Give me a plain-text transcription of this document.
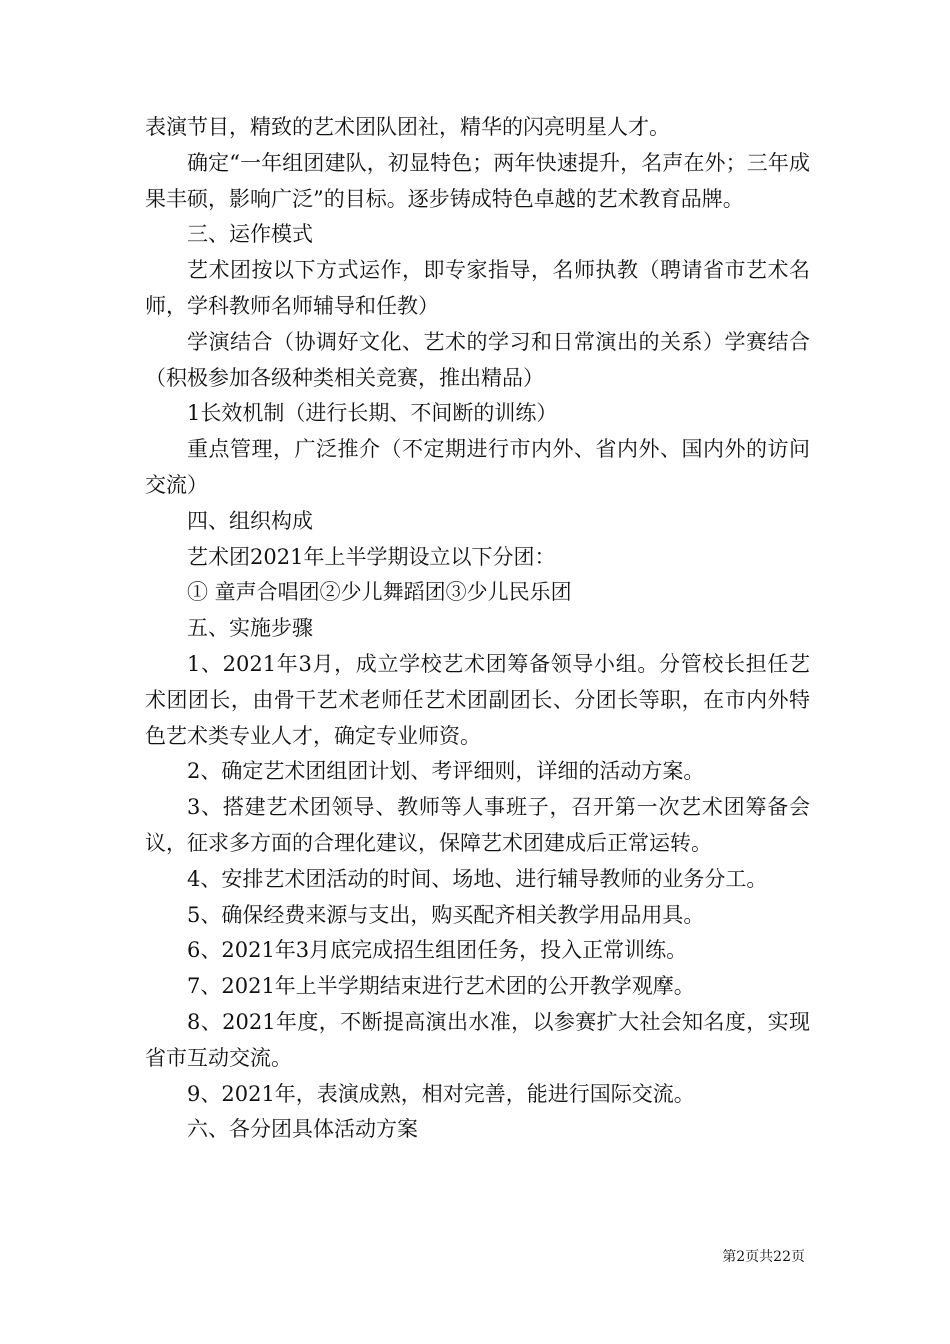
表演节目，精致的艺术团队团社，精华的闪亮明星人才。

确定“一年组团建队，初显特色；两年快速提升，名声在外；三年成果丰硕，影响广泛”的目标。逐步铸成特色卓越的艺术教育品牌。

三、运作模式

艺术团按以下方式运作，即专家指导，名师执教（聘请省市艺术名师，学科教师名师辅导和任教）

学演结合（协调好文化、艺术的学习和日常演出的关系）学赛结合（积极参加各级种类相关竞赛，推出精品）

1长效机制（进行长期、不间断的训练）

重点管理，广泛推介（不定期进行市内外、省内外、国内外的访问交流）

四、组织构成

艺术团2021年上半学期设立以下分团：

① 童声合唱团②少儿舞蹈团③少儿民乐团

五、实施步骤

1、2021年3月，成立学校艺术团筹备领导小组。分管校长担任艺术团团长，由骨干艺术老师任艺术团副团长、分团长等职，在市内外特色艺术类专业人才，确定专业师资。

2、确定艺术团组团计划、考评细则，详细的活动方案。

3、搭建艺术团领导、教师等人事班子，召开第一次艺术团筹备会议，征求多方面的合理化建议，保障艺术团建成后正常运转。

4、安排艺术团活动的时间、场地、进行辅导教师的业务分工。

5、确保经费来源与支出，购买配齐相关教学用品用具。

6、2021年3月底完成招生组团任务，投入正常训练。

7、2021年上半学期结束进行艺术团的公开教学观摩。

8、2021年度，不断提高演出水准，以参赛扩大社会知名度，实现省市互动交流。

9、2021年，表演成熟，相对完善，能进行国际交流。

六、各分团具体活动方案

第2页共22页
